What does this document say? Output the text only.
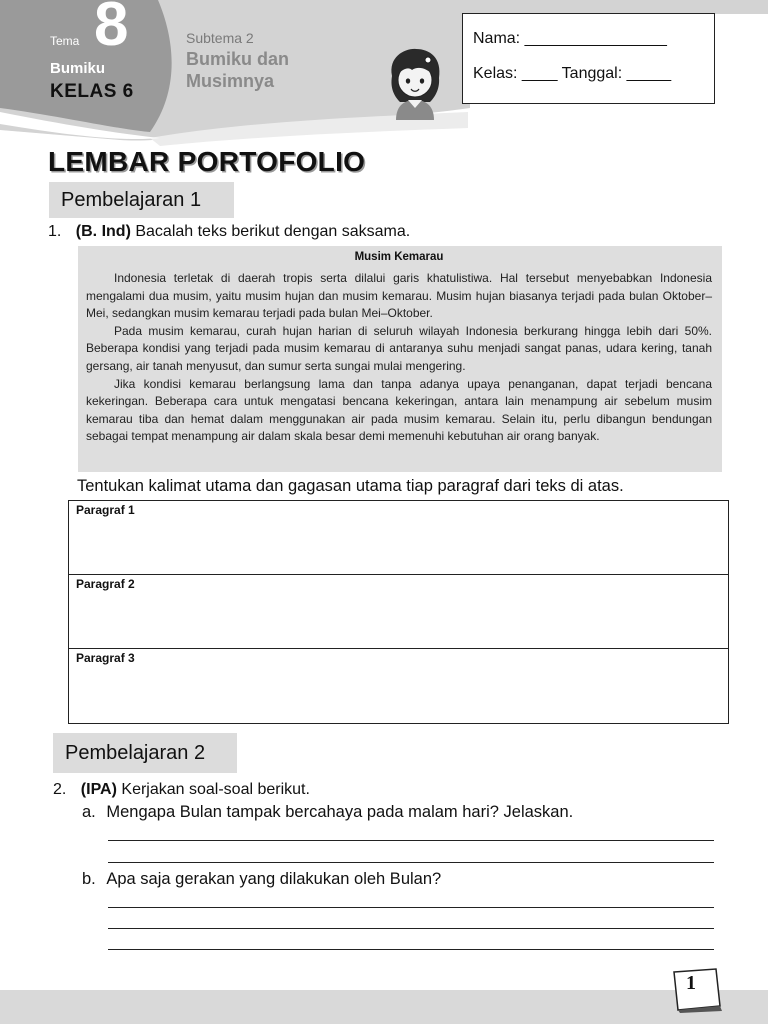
Tema 8
Bumiku
KELAS 6
Subtema 2
Bumiku dan Musimnya
Nama: ________________
Kelas: ____ Tanggal: _____
LEMBAR PORTOFOLIO
Pembelajaran 1
1. (B. Ind) Bacalah teks berikut dengan saksama.
Musim Kemarau

Indonesia terletak di daerah tropis serta dilalui garis khatulistiwa. Hal tersebut menyebabkan Indonesia mengalami dua musim, yaitu musim hujan dan musim kemarau. Musim hujan biasanya terjadi pada bulan Oktober–Mei, sedangkan musim kemarau terjadi pada bulan Mei–Oktober.

Pada musim kemarau, curah hujan harian di seluruh wilayah Indonesia berkurang hingga lebih dari 50%. Beberapa kondisi yang terjadi pada musim kemarau di antaranya suhu menjadi sangat panas, udara kering, tanah gersang, air tanah menyusut, dan sumur serta sungai mulai mengering.

Jika kondisi kemarau berlangsung lama dan tanpa adanya upaya penanganan, dapat terjadi bencana kekeringan. Beberapa cara untuk mengatasi bencana kekeringan, antara lain menampung air sebelum musim kemarau tiba dan hemat dalam menggunakan air pada musim kemarau. Selain itu, perlu dibangun bendungan sebagai tempat menampung air dalam skala besar demi memenuhi kebutuhan air orang banyak.

Tentukan kalimat utama dan gagasan utama tiap paragraf dari teks di atas.
Paragraf 1
Paragraf 2
Paragraf 3
Pembelajaran 2
2. (IPA) Kerjakan soal-soal berikut.
a. Mengapa Bulan tampak bercahaya pada malam hari? Jelaskan.
b. Apa saja gerakan yang dilakukan oleh Bulan?
1
